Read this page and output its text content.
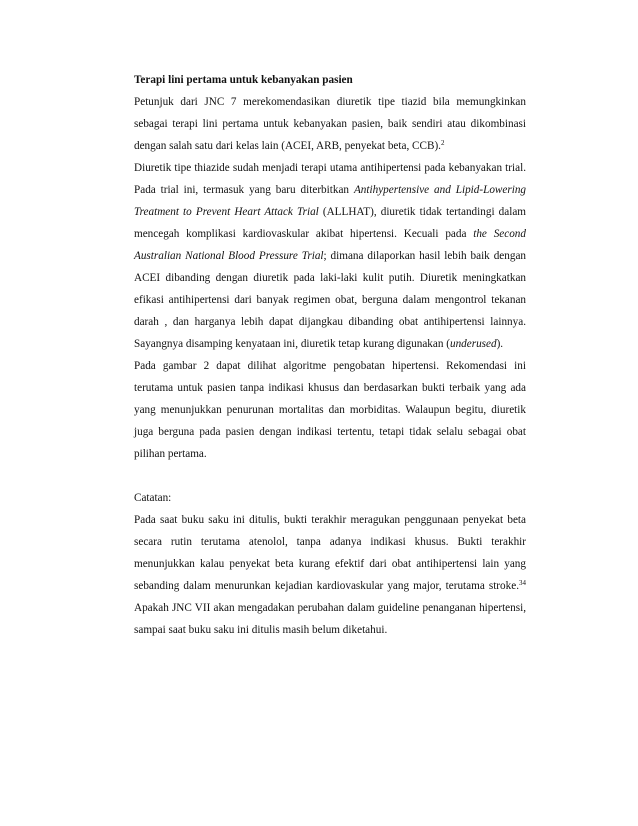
Terapi lini pertama untuk kebanyakan pasien
Petunjuk dari JNC 7 merekomendasikan diuretik tipe tiazid bila memungkinkan sebagai terapi lini pertama untuk kebanyakan pasien, baik sendiri atau dikombinasi dengan salah satu dari kelas lain (ACEI, ARB, penyekat beta, CCB).$^2$
Diuretik tipe thiazide sudah menjadi terapi utama antihipertensi pada kebanyakan trial. Pada trial ini, termasuk yang baru diterbitkan Antihypertensive and Lipid-Lowering Treatment to Prevent Heart Attack Trial (ALLHAT), diuretik tidak tertandingi dalam mencegah komplikasi kardiovaskular akibat hipertensi. Kecuali pada the Second Australian National Blood Pressure Trial; dimana dilaporkan hasil lebih baik dengan ACEI dibanding dengan diuretik pada laki-laki kulit putih. Diuretik meningkatkan efikasi antihipertensi dari banyak regimen obat, berguna dalam mengontrol tekanan darah , dan harganya lebih dapat dijangkau dibanding obat antihipertensi lainnya. Sayangnya disamping kenyataan ini, diuretik tetap kurang digunakan (underused).
Pada gambar 2 dapat dilihat algoritme pengobatan hipertensi. Rekomendasi ini terutama untuk pasien tanpa indikasi khusus dan berdasarkan bukti terbaik yang ada yang menunjukkan penurunan mortalitas dan morbiditas. Walaupun begitu, diuretik juga berguna pada pasien dengan indikasi tertentu, tetapi tidak selalu sebagai obat pilihan pertama.
Catatan:
Pada saat buku saku ini ditulis, bukti terakhir meragukan penggunaan penyekat beta secara rutin terutama atenolol, tanpa adanya indikasi khusus. Bukti terakhir menunjukkan kalau penyekat beta kurang efektif dari obat antihipertensi lain yang sebanding dalam menurunkan kejadian kardiovaskular yang major, terutama stroke.$^{34}$ Apakah JNC VII akan mengadakan perubahan dalam guideline penanganan hipertensi, sampai saat buku saku ini ditulis masih belum diketahui.
